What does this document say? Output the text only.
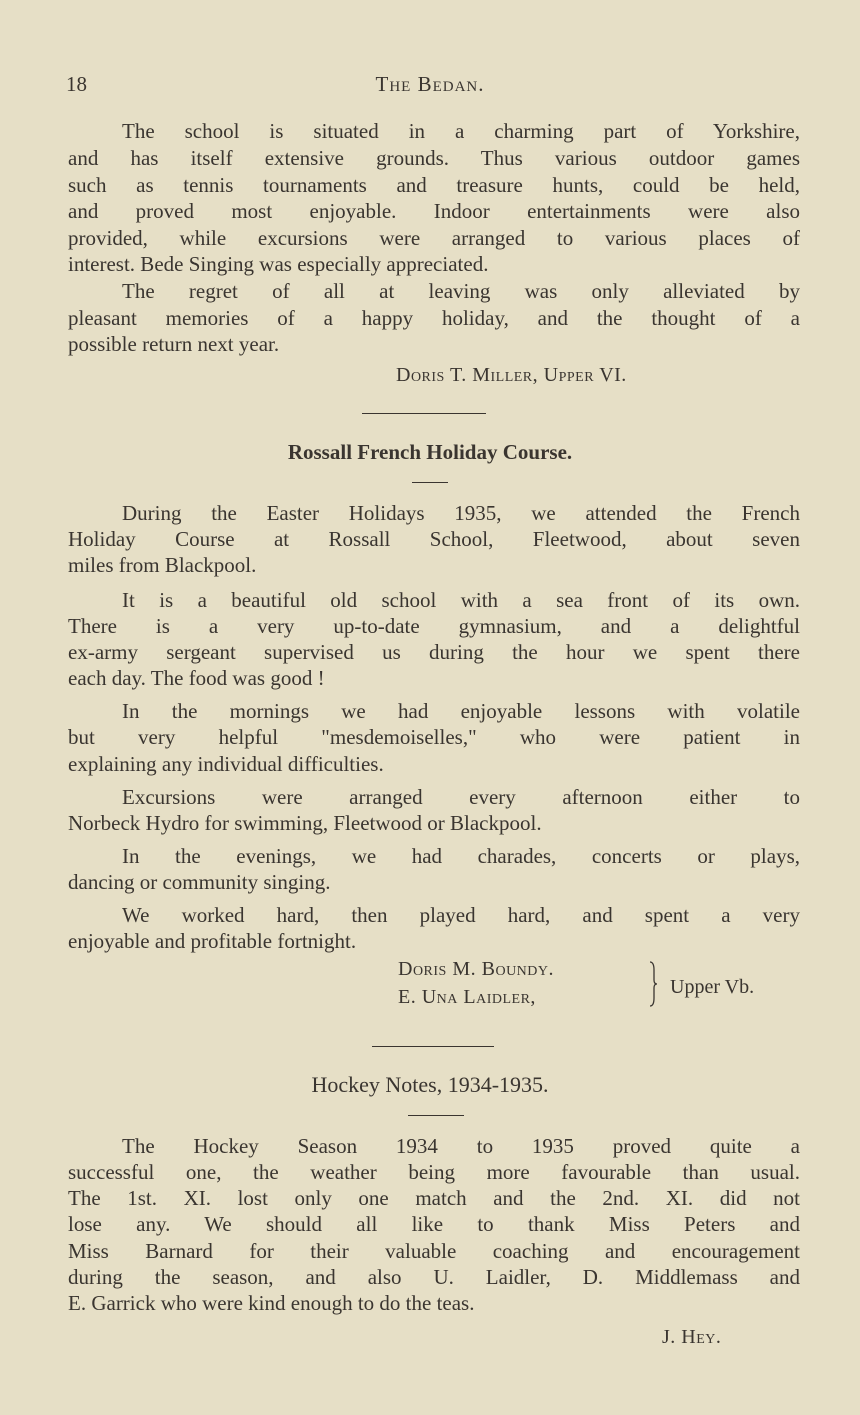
18	The Bedan.
The school is situated in a charming part of Yorkshire,
and has itself extensive grounds. Thus various outdoor games
such as tennis tournaments and treasure hunts, could be held,
and proved most enjoyable. Indoor entertainments were also
provided, while excursions were arranged to various places of
interest. Bede Singing was especially appreciated.
The regret of all at leaving was only alleviated by
pleasant memories of a happy holiday, and the thought of a
possible return next year.
Doris T. Miller, Upper VI.
Rossall French Holiday Course.
During the Easter Holidays 1935, we attended the French
Holiday Course at Rossall School, Fleetwood, about seven
miles from Blackpool.
It is a beautiful old school with a sea front of its own.
There is a very up-to-date gymnasium, and a delightful
ex-army sergeant supervised us during the hour we spent there
each day. The food was good !
In the mornings we had enjoyable lessons with volatile
but very helpful "mesdemoiselles," who were patient in
explaining any individual difficulties.
Excursions were arranged every afternoon either to
Norbeck Hydro for swimming, Fleetwood or Blackpool.
In the evenings, we had charades, concerts or plays,
dancing or community singing.
We worked hard, then played hard, and spent a very
enjoyable and profitable fortnight.
Doris M. Boundy.
E. Una Laidler,	Upper Vb.
Hockey Notes, 1934-1935.
The Hockey Season 1934 to 1935 proved quite a
successful one, the weather being more favourable than usual.
The 1st. XI. lost only one match and the 2nd. XI. did not
lose any. We should all like to thank Miss Peters and
Miss Barnard for their valuable coaching and encouragement
during the season, and also U. Laidler, D. Middlemass and
E. Garrick who were kind enough to do the teas.
J. Hey.
